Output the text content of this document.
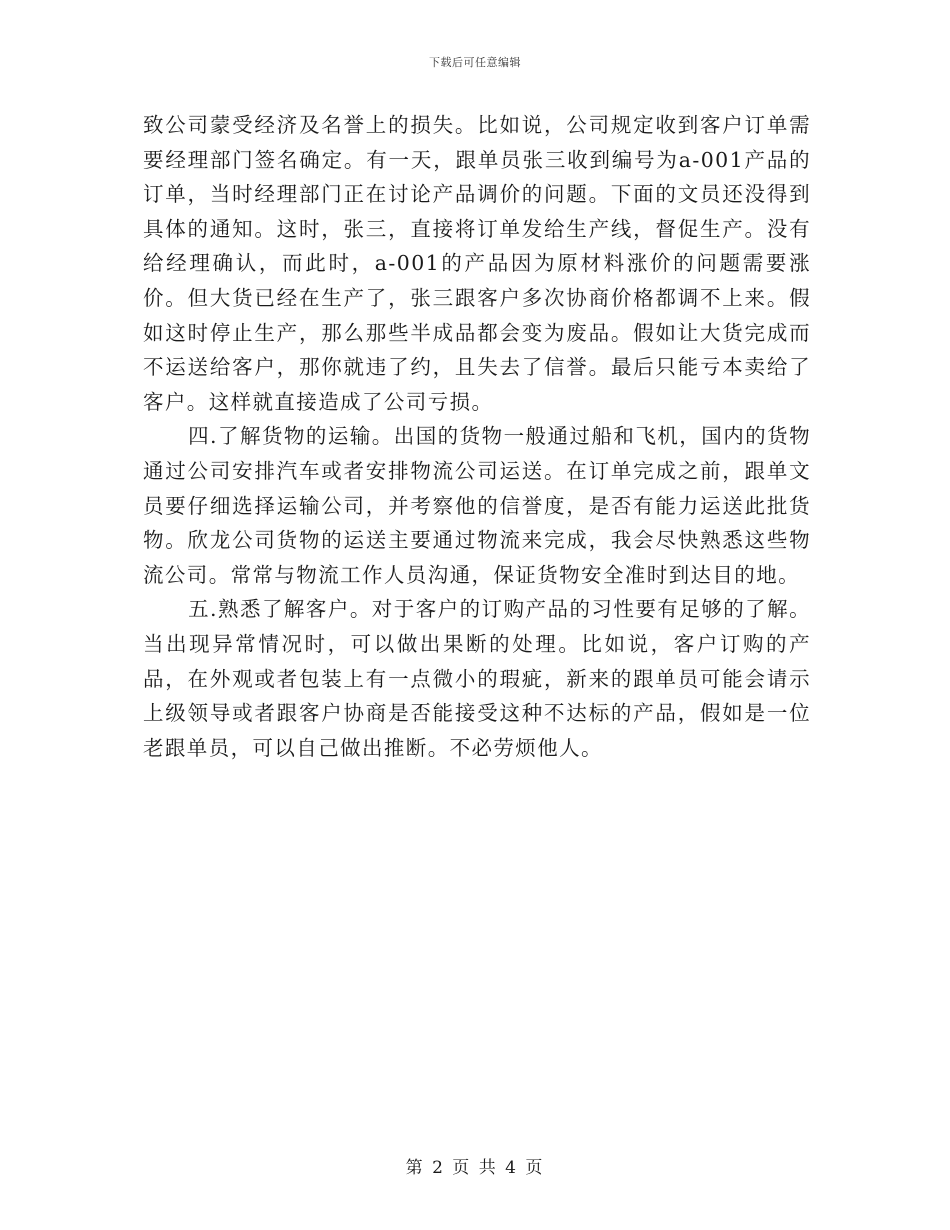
下载后可任意编辑

致公司蒙受经济及名誉上的损失。比如说，公司规定收到客户订单需要经理部门签名确定。有一天，跟单员张三收到编号为a-001产品的订单，当时经理部门正在讨论产品调价的问题。下面的文员还没得到具体的通知。这时，张三，直接将订单发给生产线，督促生产。没有给经理确认，而此时，a-001的产品因为原材料涨价的问题需要涨价。但大货已经在生产了，张三跟客户多次协商价格都调不上来。假如这时停止生产，那么那些半成品都会变为废品。假如让大货完成而不运送给客户，那你就违了约，且失去了信誉。最后只能亏本卖给了客户。这样就直接造成了公司亏损。

四.了解货物的运输。出国的货物一般通过船和飞机，国内的货物通过公司安排汽车或者安排物流公司运送。在订单完成之前，跟单文员要仔细选择运输公司，并考察他的信誉度，是否有能力运送此批货物。欣龙公司货物的运送主要通过物流来完成，我会尽快熟悉这些物流公司。常常与物流工作人员沟通，保证货物安全准时到达目的地。

五.熟悉了解客户。对于客户的订购产品的习性要有足够的了解。当出现异常情况时，可以做出果断的处理。比如说，客户订购的产品，在外观或者包装上有一点微小的瑕疵，新来的跟单员可能会请示上级领导或者跟客户协商是否能接受这种不达标的产品，假如是一位老跟单员，可以自己做出推断。不必劳烦他人。

第 2 页 共 4 页
